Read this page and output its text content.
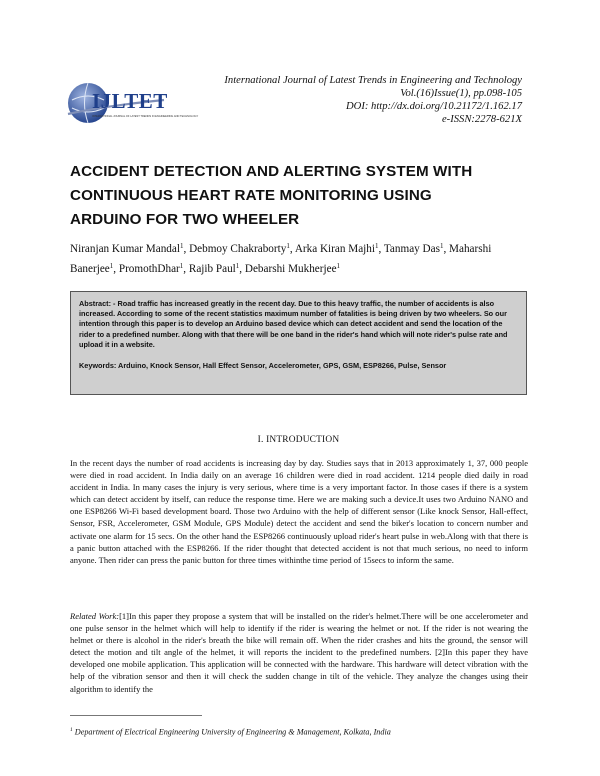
IJLTET
INTERNATIONAL JOURNAL OF LATEST TRENDS IN ENGINEERING AND TECHNOLOGY
International Journal of Latest Trends in Engineering and Technology
Vol.(16)Issue(1), pp.098-105
DOI: http://dx.doi.org/10.21172/1.162.17
e-ISSN:2278-621X
ACCIDENT DETECTION AND ALERTING SYSTEM WITH
CONTINUOUS HEART RATE MONITORING USING
ARDUINO FOR TWO WHEELER
Niranjan Kumar Mandal$^1$, Debmoy Chakraborty$^1$, Arka Kiran Majhi$^1$, Tanmay Das$^1$, Maharshi Banerjee$^1$, PromothDhar$^1$, Rajib Paul$^1$, Debarshi Mukherjee$^1$
Abstract: - Road traffic has increased greatly in the recent day. Due to this heavy traffic, the number of accidents is also increased. According to some of the recent statistics maximum number of fatalities is being driven by two wheelers. So our intention through this paper is to develop an Arduino based device which can detect accident and send the location of the rider to a predefined number. Along with that there will be one band in the rider's hand which will note rider's pulse rate and upload it in a website.
Keywords: Arduino, Knock Sensor, Hall Effect Sensor, Accelerometer, GPS, GSM, ESP8266, Pulse, Sensor
I. INTRODUCTION
In the recent days the number of road accidents is increasing day by day. Studies says that in 2013 approximately 1, 37, 000 people were died in road accident. In India daily on an average 16 children were died in road accident. 1214 people died daily in road accident in India. In many cases the injury is very serious, where time is a very important factor. In those cases if there is a system which can detect accident by itself, can reduce the response time. Here we are making such a device.It uses two Arduino NANO and one ESP8266 Wi-Fi based development board. Those two Arduino with the help of different sensor (Like knock Sensor, Hall-effect, Sensor, FSR, Accelerometer, GSM Module, GPS Module) detect the accident and send the biker's location to concern number and activate one alarm for 15 secs. On the other hand the ESP8266 continuously upload rider's heart pulse in web.Along with that there is a panic button attached with the ESP8266. If the rider thought that detected accident is not that much serious, no need to inform anyone. Then rider can press the panic button for three times withinthe time period of 15secs to inform the same.
Related Work:[1]In this paper they propose a system that will be installed on the rider's helmet.There will be one accelerometer and one pulse sensor in the helmet which will help to identify if the rider is wearing the helmet or not. If the rider is not wearing the helmet or there is alcohol in the rider's breath the bike will remain off. When the rider crashes and hits the ground, the sensor will detect the motion and tilt angle of the helmet, it will reports the incident to the predefined numbers. [2]In this paper they have developed one mobile application. This application will be connected with the hardware. This hardware will detect vibration with the help of the vibration sensor and then it will check the sudden change in tilt of the vehicle. They analyze the changes using their algorithm to identify the
$^1$ Department of Electrical Engineering University of Engineering & Management, Kolkata, India
